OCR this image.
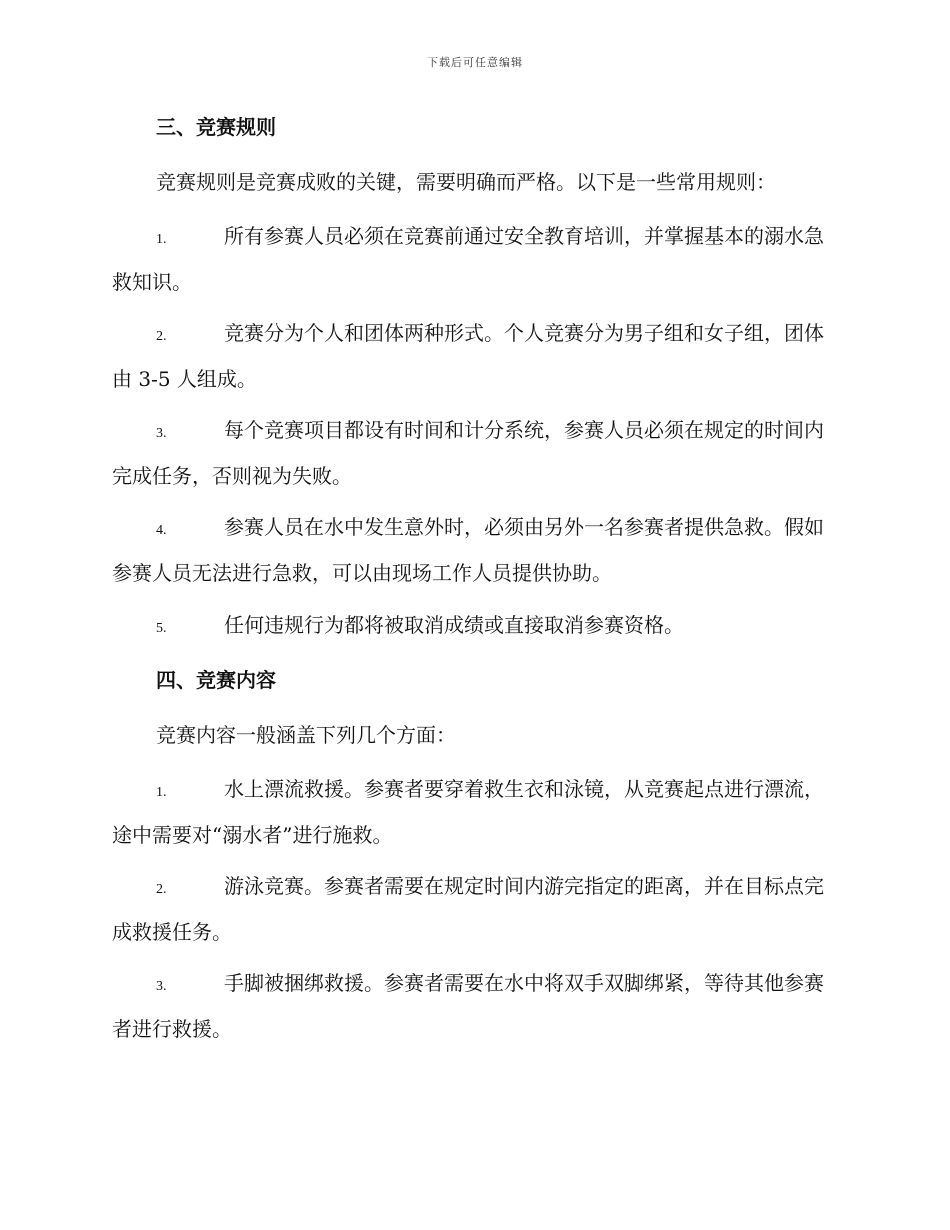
下载后可任意编辑
三、竞赛规则
竞赛规则是竞赛成败的关键，需要明确而严格。以下是一些常用规则：
1.	所有参赛人员必须在竞赛前通过安全教育培训，并掌握基本的溺水急救知识。
2.	竞赛分为个人和团体两种形式。个人竞赛分为男子组和女子组，团体由 3-5 人组成。
3.	每个竞赛项目都设有时间和计分系统，参赛人员必须在规定的时间内完成任务，否则视为失败。
4.	参赛人员在水中发生意外时，必须由另外一名参赛者提供急救。假如参赛人员无法进行急救，可以由现场工作人员提供协助。
5.	任何违规行为都将被取消成绩或直接取消参赛资格。
四、竞赛内容
竞赛内容一般涵盖下列几个方面：
1.	水上漂流救援。参赛者要穿着救生衣和泳镜，从竞赛起点进行漂流，途中需要对“溺水者”进行施救。
2.	游泳竞赛。参赛者需要在规定时间内游完指定的距离，并在目标点完成救援任务。
3.	手脚被捆绑救援。参赛者需要在水中将双手双脚绑紧，等待其他参赛者进行救援。
